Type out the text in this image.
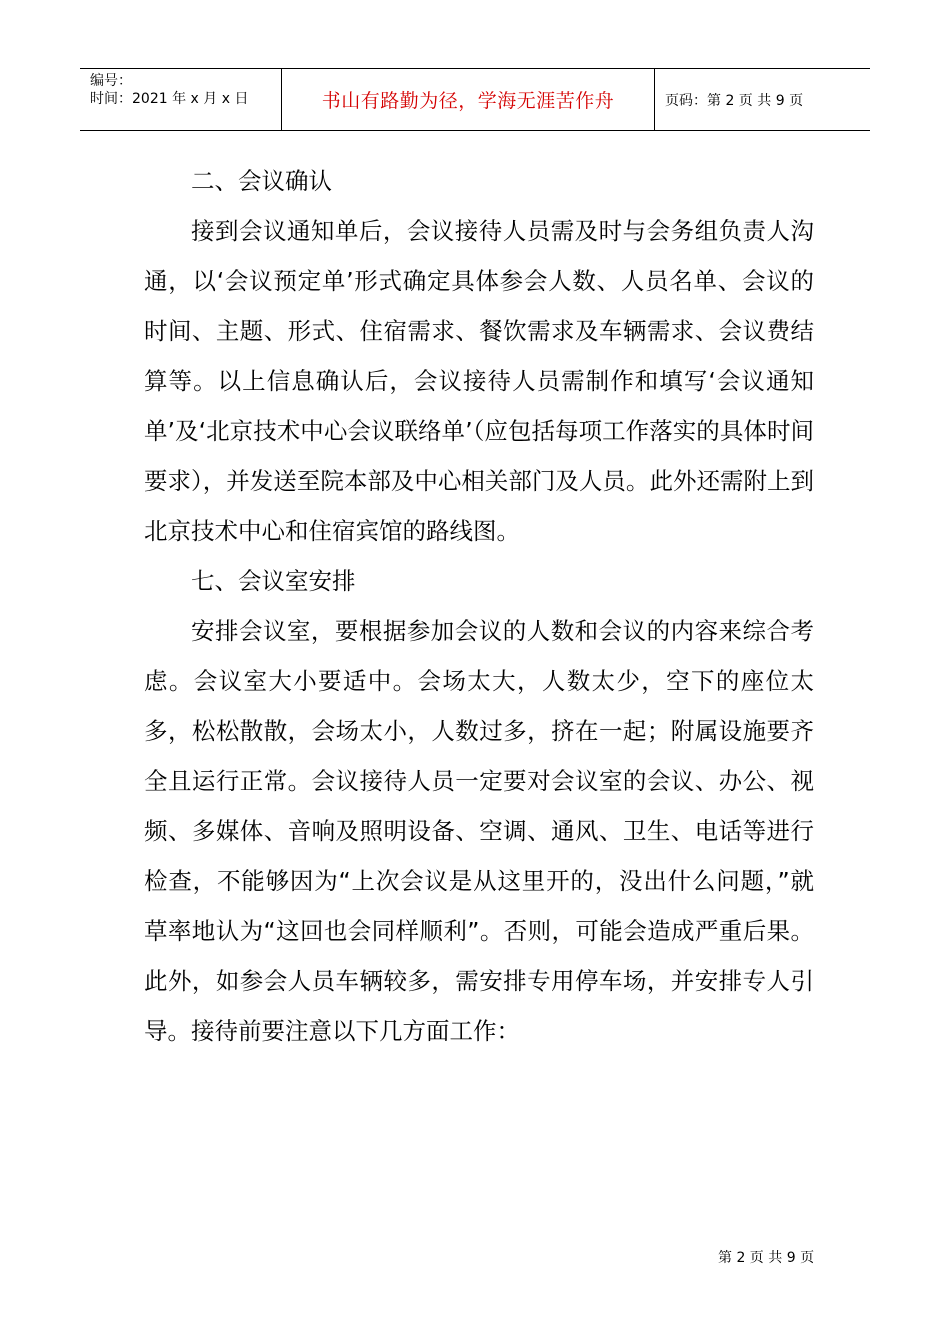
编号：
时间：2021 年 x 月 x 日	书山有路勤为径，学海无涯苦作舟	页码：第 2 页 共 9 页

二、会议确认

接到会议通知单后，会议接待人员需及时与会务组负责人沟通，以‘会议预定单’形式确定具体参会人数、人员名单、会议的时间、主题、形式、住宿需求、餐饮需求及车辆需求、会议费结算等。以上信息确认后，会议接待人员需制作和填写‘会议通知单’及‘北京技术中心会议联络单’（应包括每项工作落实的具体时间要求），并发送至院本部及中心相关部门及人员。此外还需附上到北京技术中心和住宿宾馆的路线图。

七、会议室安排

安排会议室，要根据参加会议的人数和会议的内容来综合考虑。会议室大小要适中。会场太大，人数太少，空下的座位太多，松松散散，会场太小，人数过多，挤在一起；附属设施要齐全且运行正常。会议接待人员一定要对会议室的会议、办公、视频、多媒体、音响及照明设备、空调、通风、卫生、电话等进行检查，不能够因为“上次会议是从这里开的，没出什么问题，”就草率地认为“这回也会同样顺利”。否则，可能会造成严重后果。此外，如参会人员车辆较多，需安排专用停车场，并安排专人引导。接待前要注意以下几方面工作：

第 2 页 共 9 页
